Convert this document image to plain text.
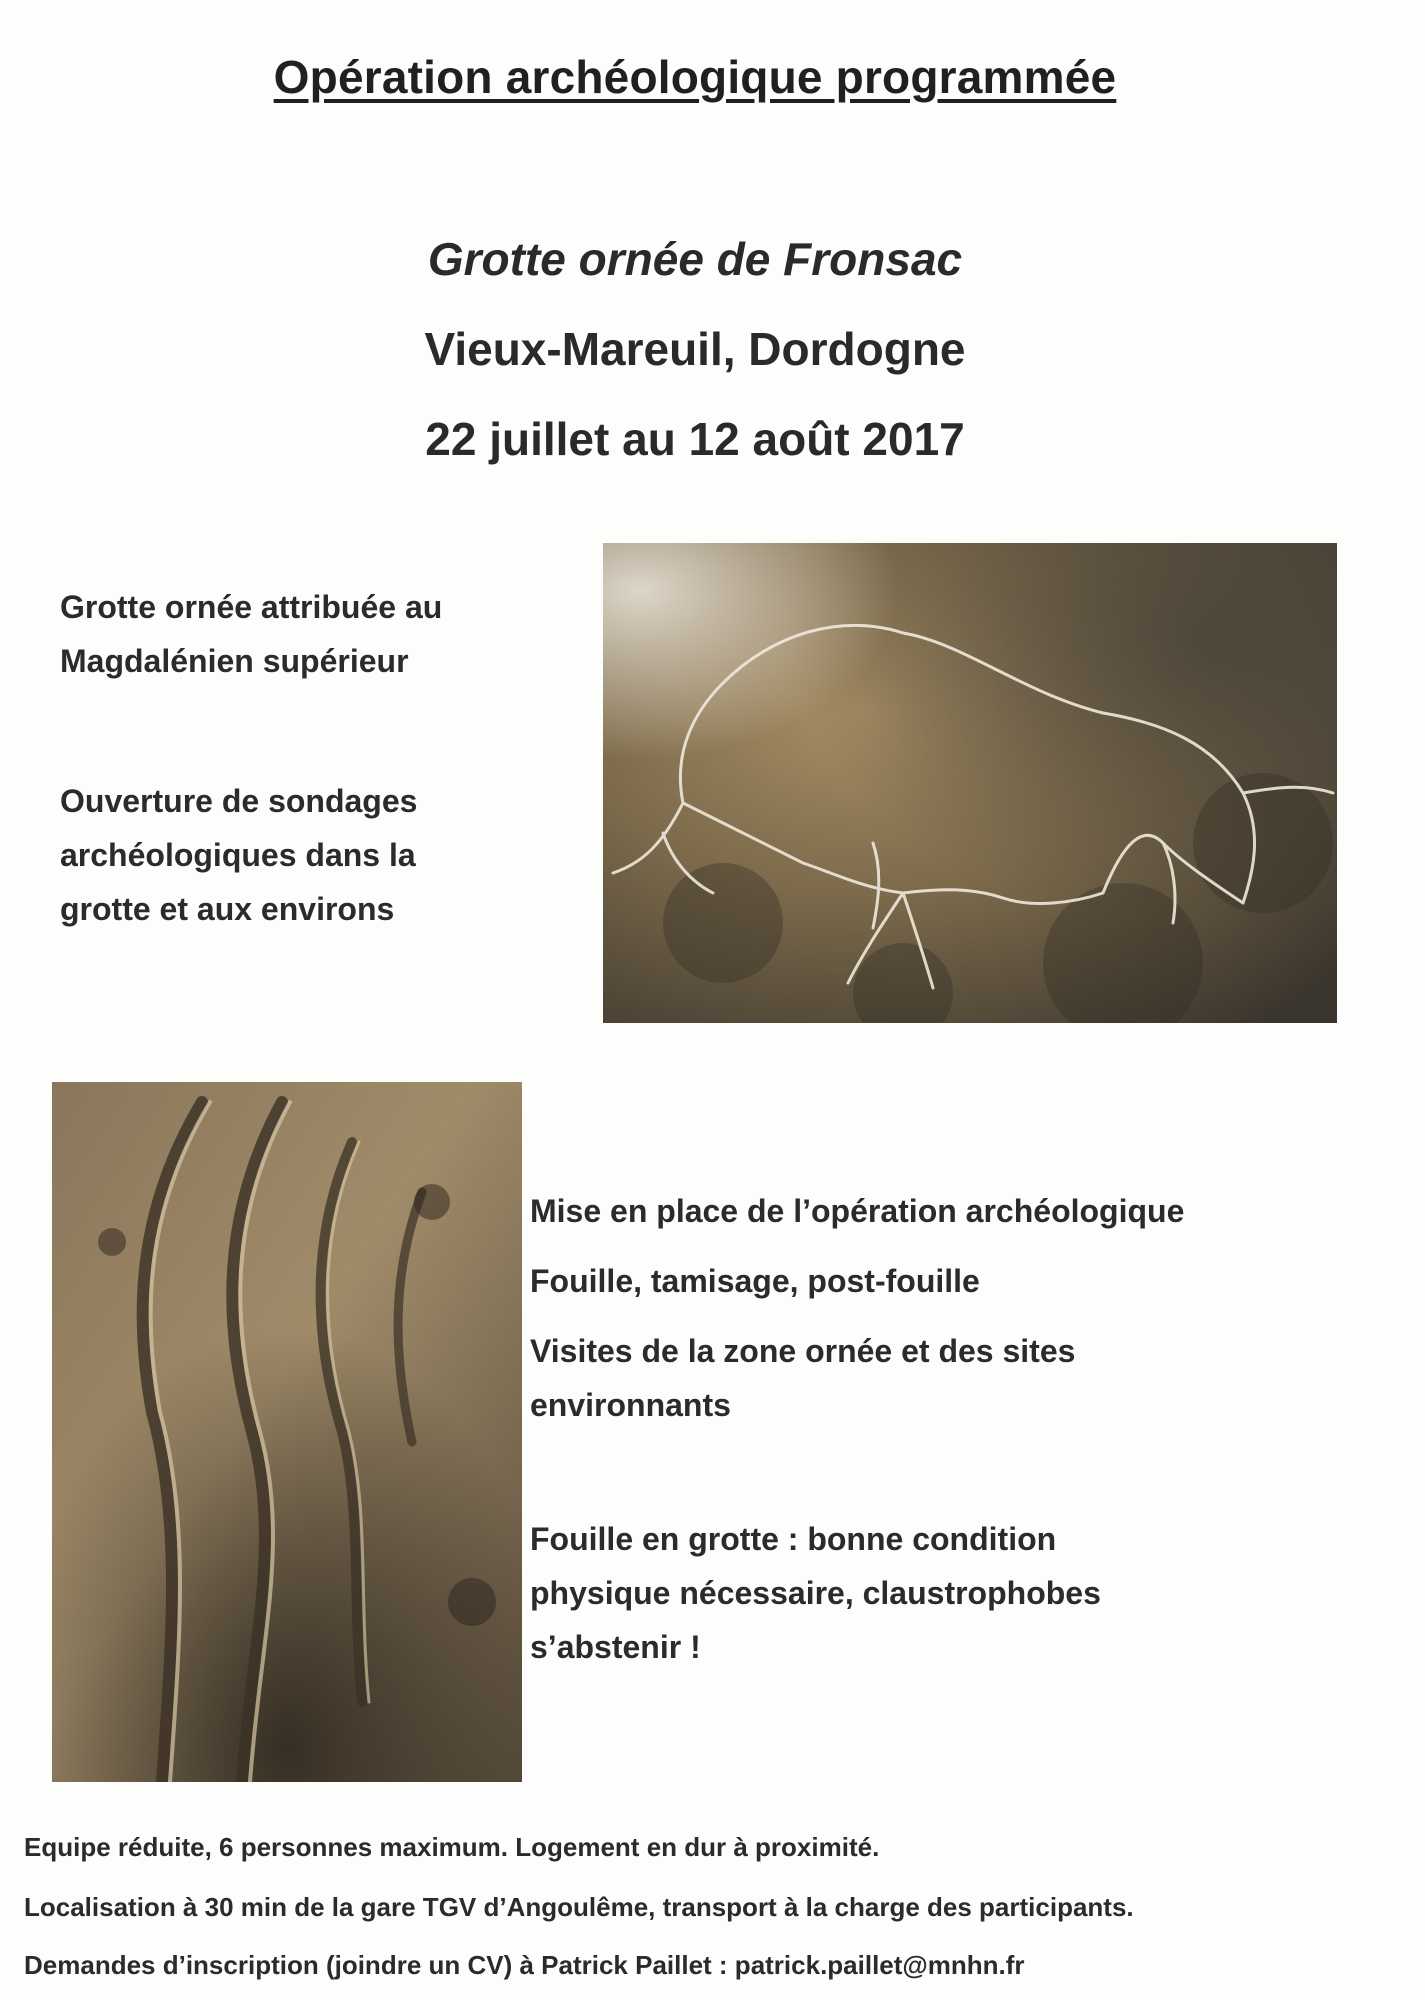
Opération archéologique programmée
Grotte ornée de Fronsac
Vieux-Mareuil, Dordogne
22 juillet au 12 août 2017

Grotte ornée attribuée au

Magdalénien supérieur

Ouverture de sondages

archéologiques dans la

grotte et aux environs

Mise en place de l’opération archéologique

Fouille, tamisage, post-fouille

Visites de la zone ornée et des sites

environnants

Fouille en grotte : bonne condition

physique nécessaire, claustrophobes

s’abstenir !

Equipe réduite, 6 personnes maximum. Logement en dur à proximité.
Localisation à 30 min de la gare TGV d’Angoulême, transport à la charge des participants.
Demandes d’inscription (joindre un CV) à Patrick Paillet : patrick.paillet@mnhn.fr
